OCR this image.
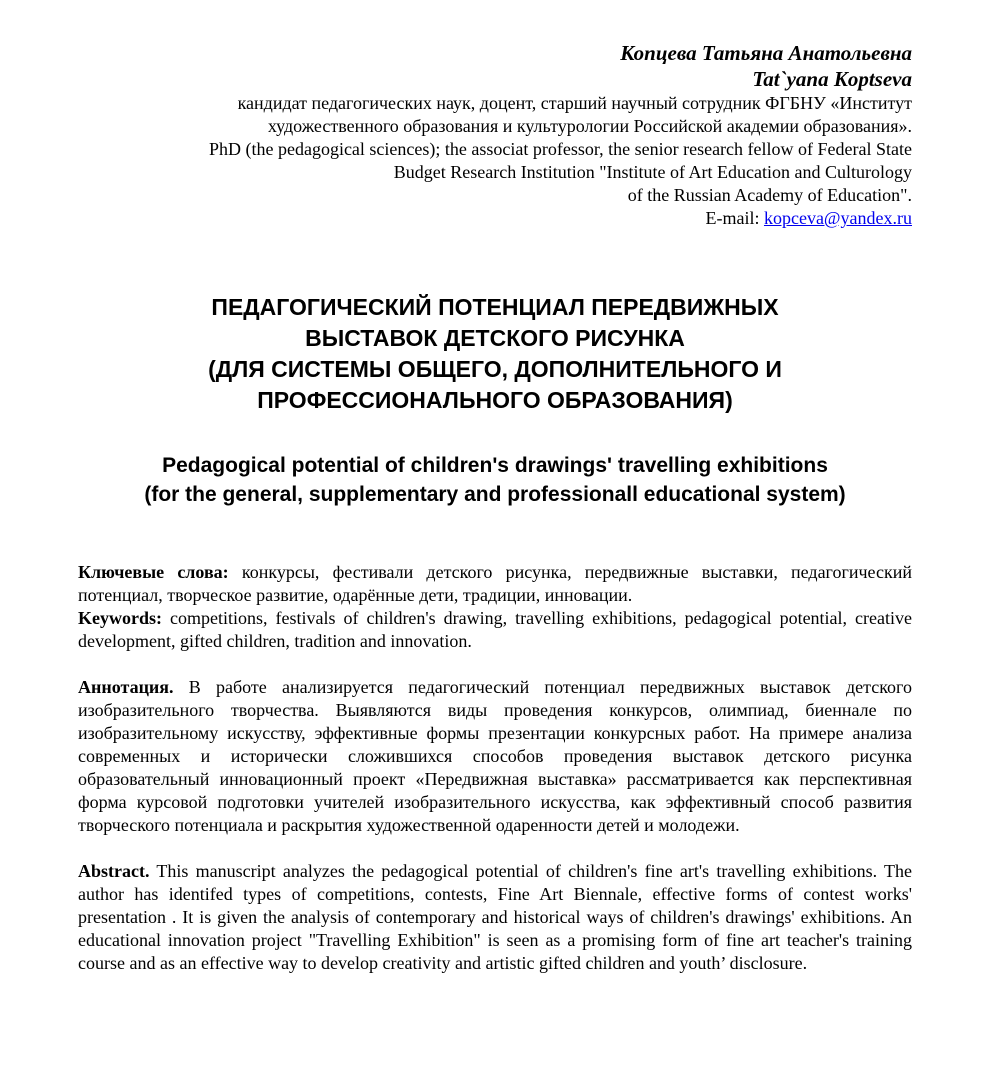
Копцева Татьяна Анатольевна
Tat`yana Koptseva
кандидат педагогических наук, доцент, старший научный сотрудник ФГБНУ «Институт
художественного образования и культурологии Российской академии образования».
PhD (the pedagogical sciences); the associat professor, the senior research fellow of Federal State
Budget Research Institution "Institute of Art Education and Culturology
of the Russian Academy of Education".
E-mail: kopceva@yandex.ru
ПЕДАГОГИЧЕСКИЙ ПОТЕНЦИАЛ ПЕРЕДВИЖНЫХ
ВЫСТАВОК ДЕТСКОГО РИСУНКА
(ДЛЯ СИСТЕМЫ ОБЩЕГО, ДОПОЛНИТЕЛЬНОГО И
ПРОФЕССИОНАЛЬНОГО ОБРАЗОВАНИЯ)
Pedagogical potential of children's drawings' travelling exhibitions
(for the general, supplementary and professionall educational system)
Ключевые слова: конкурсы, фестивали детского рисунка, передвижные выставки, педагогический потенциал, творческое развитие, одарённые дети, традиции, инновации.
Keywords: competitions, festivals of children's drawing, travelling exhibitions, pedagogical potential, creative development, gifted children, tradition and innovation.
Аннотация. В работе анализируется педагогический потенциал передвижных выставок детского изобразительного творчества. Выявляются виды проведения конкурсов, олимпиад, биеннале по изобразительному искусству, эффективные формы презентации конкурсных работ. На примере анализа современных и исторически сложившихся способов проведения выставок детского рисунка образовательный инновационный проект «Передвижная выставка» рассматривается как перспективная форма курсовой подготовки учителей изобразительного искусства, как эффективный способ развития творческого потенциала и раскрытия художественной одаренности детей и молодежи.
Abstract. This manuscript analyzes the pedagogical potential of children's fine art's travelling exhibitions. The author has identifed types of competitions, contests, Fine Art Biennale, effective forms of contest works' presentation . It is given the analysis of contemporary and historical ways of children's drawings' exhibitions. An educational innovation project "Travelling Exhibition" is seen as a promising form of fine art teacher's training course and as an effective way to develop creativity and artistic gifted children and youth’ disclosure.
